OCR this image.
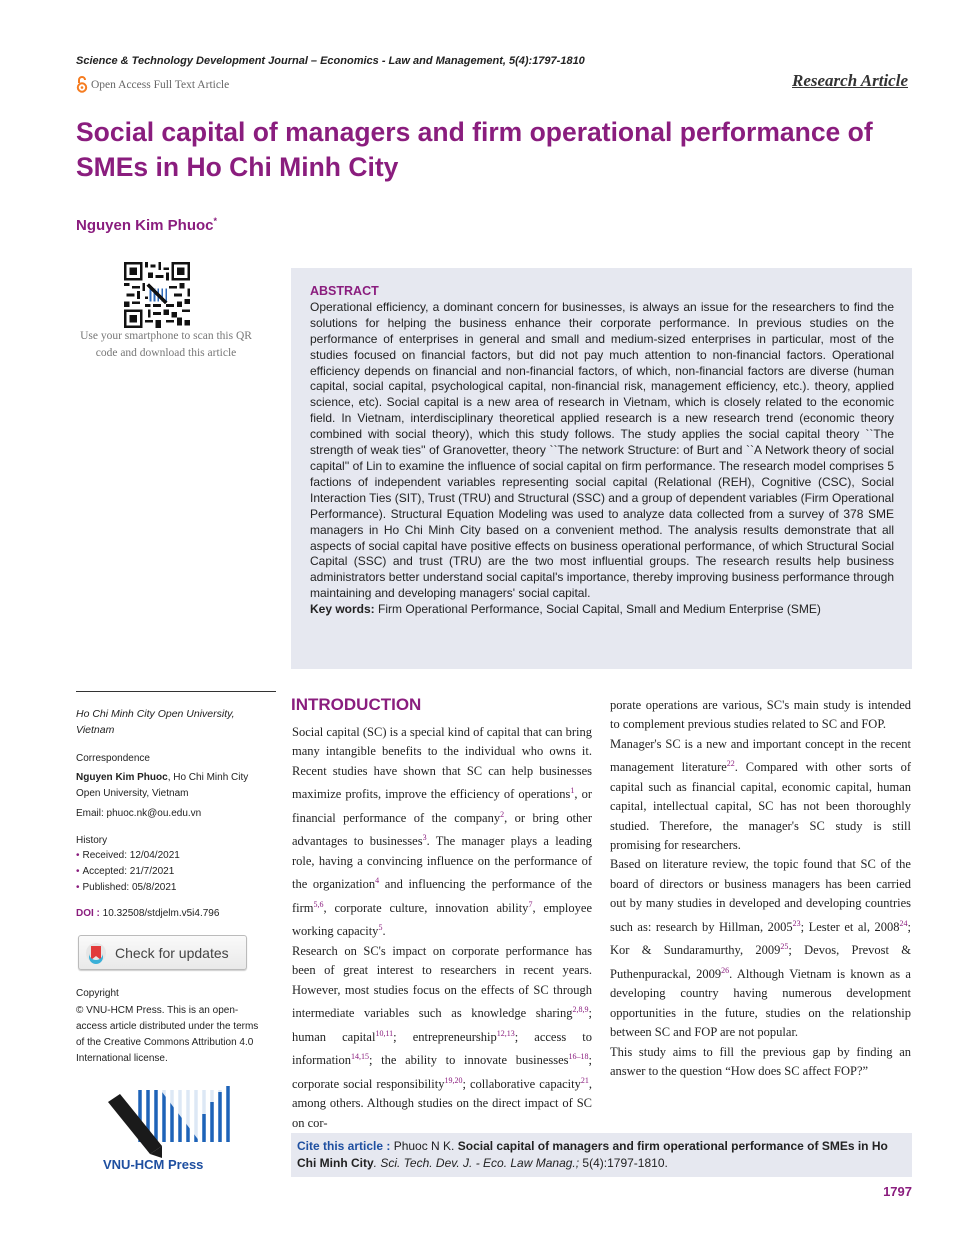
Science & Technology Development Journal – Economics - Law and Management, 5(4):1797-1810
Open Access Full Text Article	Research Article
Social capital of managers and firm operational performance of SMEs in Ho Chi Minh City
Nguyen Kim Phuoc*
Use your smartphone to scan this QR code and download this article
ABSTRACT
Operational efficiency, a dominant concern for businesses, is always an issue for the researchers to find the solutions for helping the business enhance their corporate performance. In previous studies on the performance of enterprises in general and small and medium-sized enterprises in particular, most of the studies focused on financial factors, but did not pay much attention to non-financial factors. Operational efficiency depends on financial and non-financial factors, of which, non-financial factors are diverse (human capital, social capital, psychological capital, non-financial risk, management efficiency, etc.). theory, applied science, etc). Social capital is a new area of research in Vietnam, which is closely related to the economic field. In Vietnam, interdisciplinary theoretical applied research is a new research trend (economic theory combined with social theory), which this study follows. The study applies the social capital theory ``The strength of weak ties'' of Granovetter, theory ``The network Structure: of Burt and ``A Network theory of social capital'' of Lin to examine the influence of social capital on firm performance. The research model comprises 5 factions of independent variables representing social capital (Relational (REH), Cognitive (CSC), Social Interaction Ties (SIT), Trust (TRU) and Structural (SSC) and a group of dependent variables (Firm Operational Performance). Structural Equation Modeling was used to analyze data collected from a survey of 378 SME managers in Ho Chi Minh City based on a convenient method. The analysis results demonstrate that all aspects of social capital have positive effects on business operational performance, of which Structural Social Capital (SSC) and trust (TRU) are the two most influential groups. The research results help business administrators better understand social capital's importance, thereby improving business performance through maintaining and developing managers' social capital.
Key words: Firm Operational Performance, Social Capital, Small and Medium Enterprise (SME)
Ho Chi Minh City Open University, Vietnam
Correspondence
Nguyen Kim Phuoc, Ho Chi Minh City Open University, Vietnam
Email: phuoc.nk@ou.edu.vn
History
• Received: 12/04/2021
• Accepted: 21/7/2021
• Published: 05/8/2021
DOI : 10.32508/stdjelm.v5i4.796
Check for updates
Copyright
© VNU-HCM Press. This is an open-access article distributed under the terms of the Creative Commons Attribution 4.0 International license.
VNU-HCM Press
INTRODUCTION

Social capital (SC) is a special kind of capital that can bring many intangible benefits to the individual who owns it. Recent studies have shown that SC can help businesses maximize profits, improve the efficiency of operations$^1$, or financial performance of the company$^2$, or bring other advantages to businesses$^3$. The manager plays a leading role, having a convincing influence on the performance of the organization$^4$ and influencing the performance of the firm$^{5,6}$, corporate culture, innovation ability$^7$, employee working capacity$^5$.

Research on SC's impact on corporate performance has been of great interest to researchers in recent years. However, most studies focus on the effects of SC through intermediate variables such as knowledge sharing$^{2,8,9}$; human capital$^{10,11}$; entrepreneurship$^{12,13}$; access to information$^{14,15}$; the ability to innovate businesses$^{16-18}$; corporate social responsibility$^{19,20}$; collaborative capacity$^{21}$, among others. Although studies on the direct impact of SC on cor-

porate operations are various, SC's main study is intended to complement previous studies related to SC and FOP.

Manager's SC is a new and important concept in the recent management literature$^{22}$. Compared with other sorts of capital such as financial capital, economic capital, human capital, intellectual capital, SC has not been thoroughly studied. Therefore, the manager's SC study is still promising for researchers.

Based on literature review, the topic found that SC of the board of directors or business managers has been carried out by many studies in developed and developing countries such as: research by Hillman, 2005$^{23}$; Lester et al, 2008$^{24}$; Kor & Sundaramurthy, 2009$^{25}$; Devos, Prevost & Puthenpurackal, 2009$^{26}$. Although Vietnam is known as a developing country having numerous development opportunities in the future, studies on the relationship between SC and FOP are not popular.

This study aims to fill the previous gap by finding an answer to the question “How does SC affect FOP?”

Cite this article : Phuoc N K. Social capital of managers and firm operational performance of SMEs in Ho Chi Minh City. Sci. Tech. Dev. J. - Eco. Law Manag.; 5(4):1797-1810.
1797
